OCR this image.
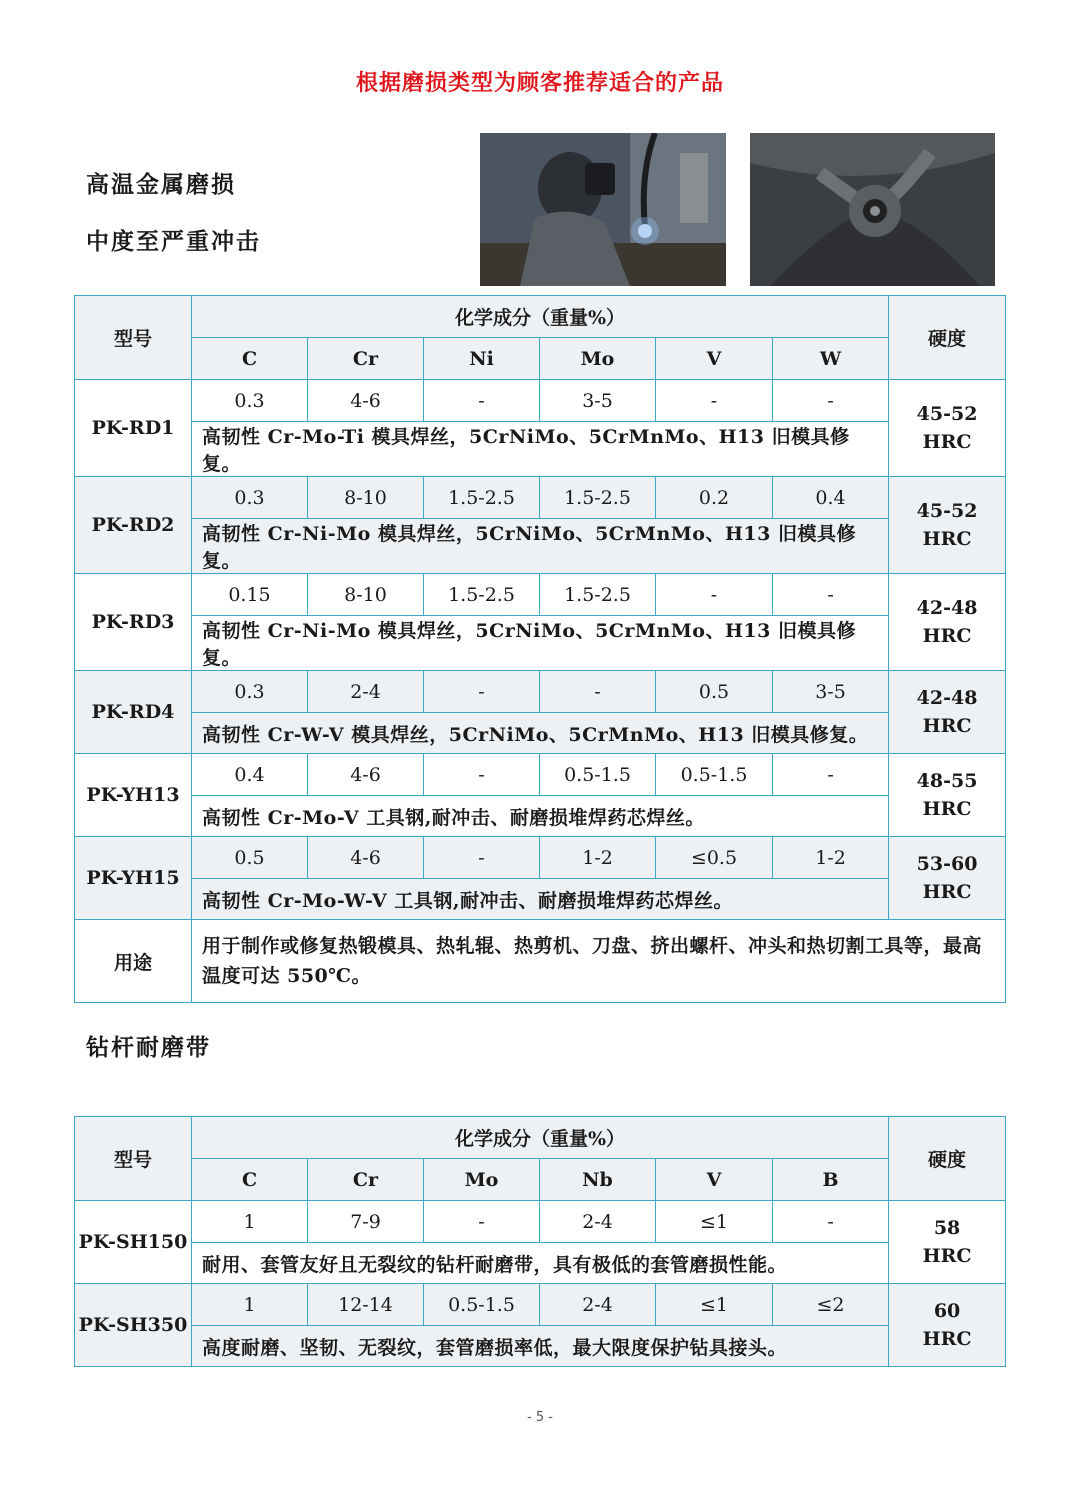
根据磨损类型为顾客推荐适合的产品
高温金属磨损
中度至严重冲击
型号	化学成分（重量%）						硬度
	C	Cr	Ni	Mo	V	W	
PK-RD1	0.3	4-6	-	3-5	-	-	45-52
HRC
	高韧性 Cr-Mo-Ti 模具焊丝，5CrNiMo、5CrMnMo、H13 旧模具修复。						
PK-RD2	0.3	8-10	1.5-2.5	1.5-2.5	0.2	0.4	45-52
HRC
	高韧性 Cr-Ni-Mo 模具焊丝，5CrNiMo、5CrMnMo、H13 旧模具修复。						
PK-RD3	0.15	8-10	1.5-2.5	1.5-2.5	-	-	42-48
HRC
	高韧性 Cr-Ni-Mo 模具焊丝，5CrNiMo、5CrMnMo、H13 旧模具修复。						
PK-RD4	0.3	2-4	-	-	0.5	3-5	42-48
HRC
	高韧性 Cr-W-V 模具焊丝，5CrNiMo、5CrMnMo、H13 旧模具修复。						
PK-YH13	0.4	4-6	-	0.5-1.5	0.5-1.5	-	48-55
HRC
	高韧性 Cr-Mo-V 工具钢,耐冲击、耐磨损堆焊药芯焊丝。						
PK-YH15	0.5	4-6	-	1-2	≤0.5	1-2	53-60
HRC
	高韧性 Cr-Mo-W-V 工具钢,耐冲击、耐磨损堆焊药芯焊丝。						
用途	用于制作或修复热锻模具、热轧辊、热剪机、刀盘、挤出螺杆、冲头和热切割工具等，最高温度可达 550℃。						
钻杆耐磨带
型号	化学成分（重量%）						硬度
	C	Cr	Mo	Nb	V	B	
PK-SH150	1	7-9	-	2-4	≤1	-	58
HRC
	耐用、套管友好且无裂纹的钻杆耐磨带，具有极低的套管磨损性能。						
PK-SH350	1	12-14	0.5-1.5	2-4	≤1	≤2	60
HRC
	高度耐磨、坚韧、无裂纹，套管磨损率低，最大限度保护钻具接头。						
- 5 -
